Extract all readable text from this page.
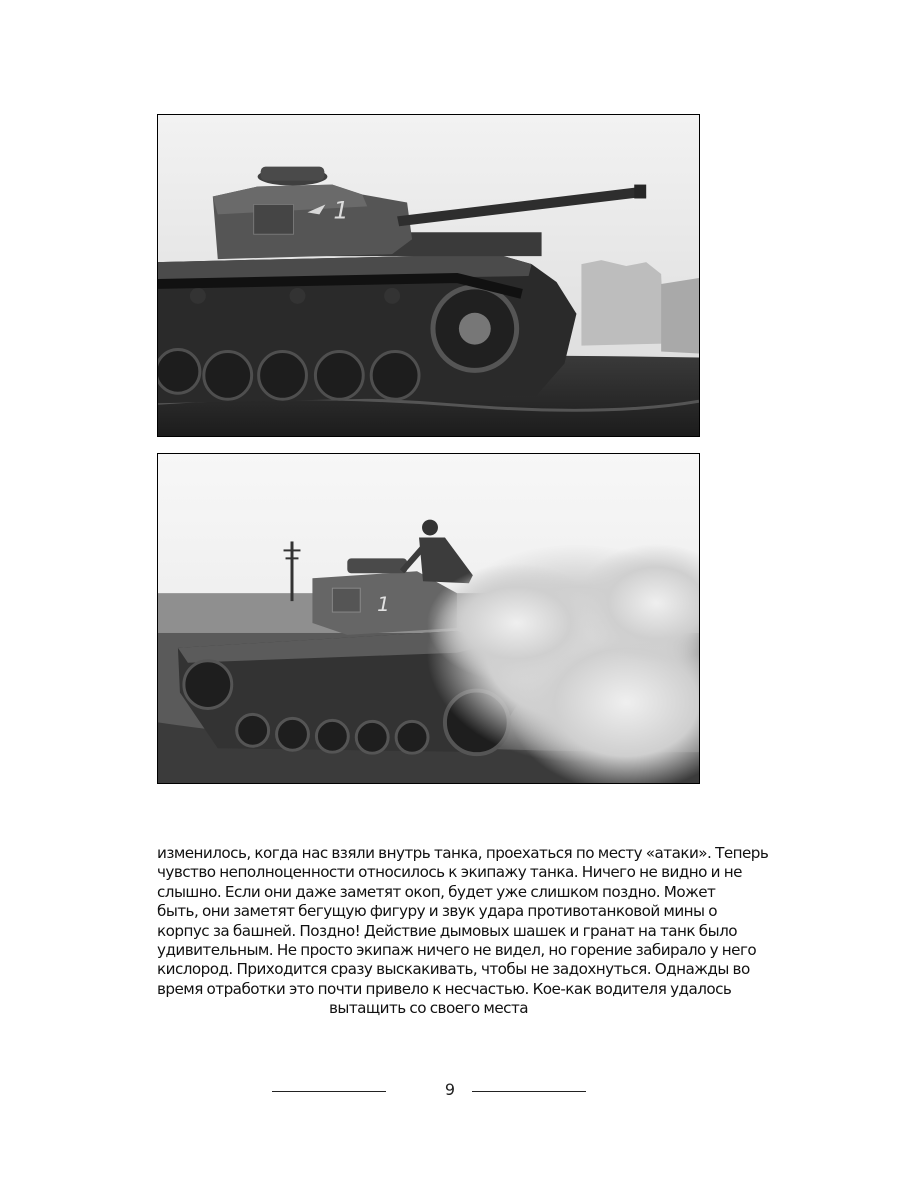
1
1
изменилось, когда нас взяли внутрь танка, проехаться по месту «атаки». Теперь
чувство неполноценности относилось к экипажу танка. Ничего не видно и не
слышно. Если они даже заметят окоп, будет уже слишком поздно. Может
быть, они заметят бегущую фигуру и звук удара противотанковой мины о
корпус за башней. Поздно! Действие дымовых шашек и гранат на танк было
удивительным. Не просто экипаж ничего не видел, но горение забирало у него
кислород. Приходится сразу выскакивать, чтобы не задохнуться. Однажды во
время отработки это почти привело к несчастью. Кое-как водителя удалось
вытащить со своего места
9
